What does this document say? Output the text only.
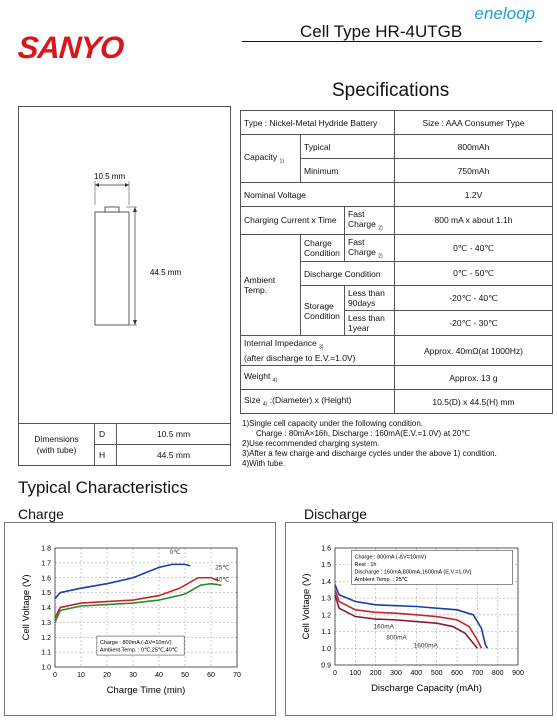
SANYO
eneloop
Cell Type HR-4UTGB
Specifications
10.5 mm
44.5 mm
Dimensions
(with tube)	D	10.5 mm
	H	44.5 mm
Type : Nickel-Metal Hydride Battery			Size : AAA Consumer Type
Capacity $_{1)}$	Typical		800mAh
	Minimum		750mAh
Nominal Voltage			1.2V
Charging Current x Time		Fast Charge $_{2)}$	800 mA x about 1.1h
Ambient Temp.	Charge Condition	Fast Charge $_{2)}$	0℃ - 40℃
	Discharge Condition		0℃ - 50℃
	Storage Condition	Less than 90days	-20℃ - 40℃
		Less than 1year	-20℃ - 30℃
Internal Impedance $_{3)}$
(after discharge to E.V.=1.0V)			Approx. 40mΩ(at 1000Hz)
Weight $_{4)}$			Approx. 13 g
Size $_{4)}$ :(Diameter) x (Height)			10.5(D) x 44.5(H) mm
1)Single cell capacity under the following condition.
Charge : 80mA×16h, Discharge : 160mA(E.V.=1.0V) at 20℃
2)Use recommended charging system.
3)After a few charge and discharge cycles under the above 1) condition.
4)With tube.
Typical Characteristics
Charge	Discharge
0	10	20	30	40	50	60	70
1.0
1.1
1.2
1.3
1.4
1.5
1.6
1.7
1.8
Charge Time (min)
Cell Voltage (V)
0℃
25℃
40℃
Charge : 800mA (-ΔV=10mV)
Ambient Temp. : 0℃,25℃,40℃
0 100 200 300 400 500 600 700 800 900
0.9
1.0
1.1
1.2
1.3
1.4
1.5
1.6
Discharge Capacity (mAh)
Cell Voltage (V)	160mA
800mA
1600mA
Charge : 800mA (-ΔV=10mV)
Rest : 1h
Discharge : 160mA,800mA,1600mA (E.V.=1.0V)
Ambient Temp. : 25℃
